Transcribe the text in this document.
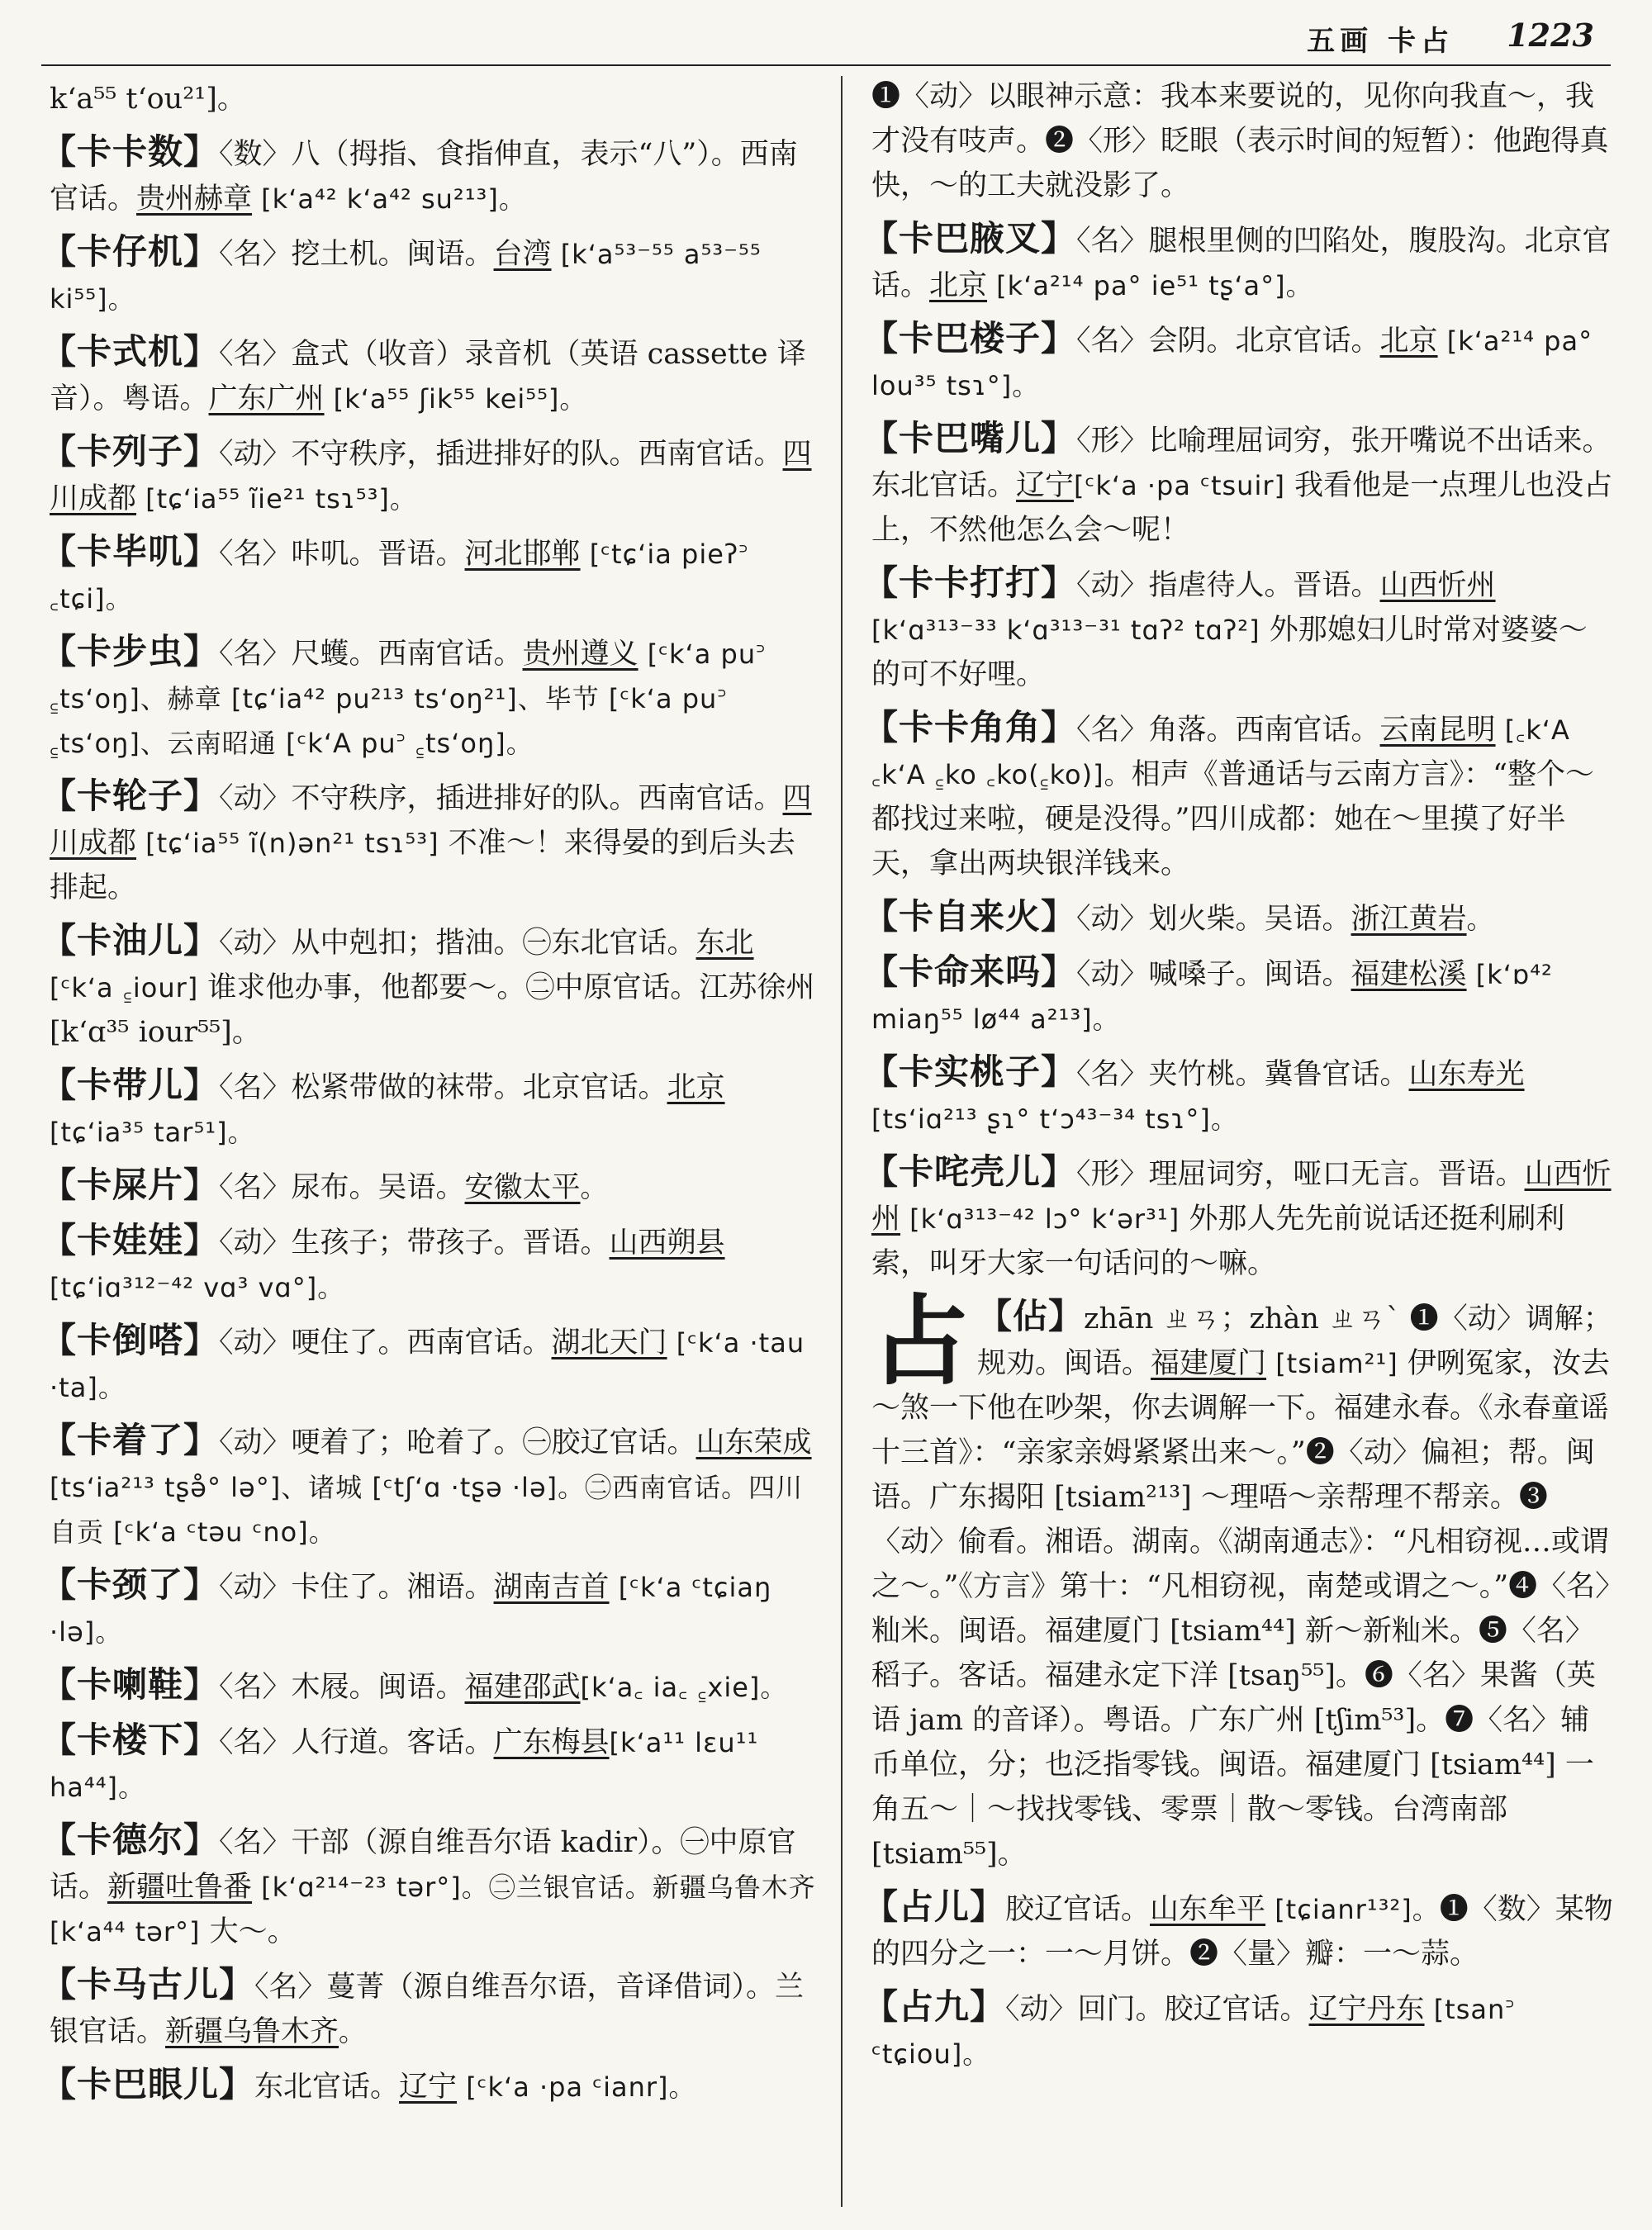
五画 卡占 1223
k‘a⁵⁵ t‘ou²¹]。
【卡卡数】〈数〉八（拇指、食指伸直，表示“八”）。西南官话。贵州赫章 [k‘a⁴² k‘a⁴² su²¹³]。
【卡仔机】〈名〉挖土机。闽语。台湾 [k‘a⁵³⁻⁵⁵ a⁵³⁻⁵⁵ ki⁵⁵]。
【卡式机】〈名〉盒式（收音）录音机（英语 cassette 译音）。粤语。广东广州 [k‘a⁵⁵ ʃik⁵⁵ kei⁵⁵]。
【卡列子】〈动〉不守秩序，插进排好的队。西南官话。四川成都 [tɕ‘ia⁵⁵ ĩie²¹ tsɿ⁵³]。
【卡毕叽】〈名〉咔叽。晋语。河北邯郸 [ᶜtɕ‘ia pieʔ꜄ ꜀tɕi]。
【卡步虫】〈名〉尺蠖。西南官话。贵州遵义 [ᶜk‘a pu꜄ ꜁ts‘oŋ]、赫章 [tɕ‘ia⁴² pu²¹³ ts‘oŋ²¹]、毕节 [ᶜk‘a pu꜄ ꜁ts‘oŋ]、云南昭通 [ᶜk‘A pu꜄ ꜁ts‘oŋ]。
【卡轮子】〈动〉不守秩序，插进排好的队。西南官话。四川成都 [tɕ‘ia⁵⁵ ĩ(n)ən²¹ tsɿ⁵³] 不准～！来得晏的到后头去排起。
【卡油儿】〈动〉从中剋扣；揩油。㊀东北官话。东北 [ᶜk‘a ꜁iour] 谁求他办事，他都要～。㊁中原官话。江苏徐州 [k‘ɑ³⁵ iour⁵⁵]。
【卡带儿】〈名〉松紧带做的袜带。北京官话。北京 [tɕ‘ia³⁵ tar⁵¹]。
【卡屎片】〈名〉尿布。吴语。安徽太平。
【卡娃娃】〈动〉生孩子；带孩子。晋语。山西朔县 [tɕ‘iɑ³¹²⁻⁴² vɑ³ vɑ°]。
【卡倒嗒】〈动〉哽住了。西南官话。湖北天门 [ᶜk‘a ·tau ·ta]。
【卡着了】〈动〉哽着了；呛着了。㊀胶辽官话。山东荣成 [ts‘ia²¹³ tʂə̊° lə°]、诸城 [ᶜtʃ‘ɑ ·tʂə ·lə]。㊁西南官话。四川自贡 [ᶜk‘a ᶜtəu ᶜno]。
【卡颈了】〈动〉卡住了。湘语。湖南吉首 [ᶜk‘a ᶜtɕiaŋ ·lə]。
【卡喇鞋】〈名〉木屐。闽语。福建邵武[k‘a꜀ ia꜀ ꜁xie]。
【卡楼下】〈名〉人行道。客话。广东梅县[k‘a¹¹ lɛu¹¹ ha⁴⁴]。
【卡德尔】〈名〉干部（源自维吾尔语 kadir）。㊀中原官话。新疆吐鲁番 [k‘ɑ²¹⁴⁻²³ tər°]。㊁兰银官话。新疆乌鲁木齐 [k‘a⁴⁴ tər°] 大～。
【卡马古儿】〈名〉蔓菁（源自维吾尔语，音译借词）。兰银官话。新疆乌鲁木齐。
【卡巴眼儿】东北官话。辽宁 [ᶜk‘a ·pa ᶜianr]。
❶〈动〉以眼神示意：我本来要说的，见你向我直～，我才没有吱声。❷〈形〉眨眼（表示时间的短暂）：他跑得真快，～的工夫就没影了。
【卡巴腋叉】〈名〉腿根里侧的凹陷处，腹股沟。北京官话。北京 [k‘a²¹⁴ pa° ie⁵¹ tʂ‘a°]。
【卡巴楼子】〈名〉会阴。北京官话。北京 [k‘a²¹⁴ pa° lou³⁵ tsɿ°]。
【卡巴嘴儿】〈形〉比喻理屈词穷，张开嘴说不出话来。东北官话。辽宁[ᶜk‘a ·pa ᶜtsuir] 我看他是一点理儿也没占上，不然他怎么会～呢！
【卡卡打打】〈动〉指虐待人。晋语。山西忻州[k‘ɑ³¹³⁻³³ k‘ɑ³¹³⁻³¹ tɑʔ² tɑʔ²] 外那媳妇儿时常对婆婆～的可不好哩。
【卡卡角角】〈名〉角落。西南官话。云南昆明 [꜀k‘A ꜀k‘A ꜁ko ꜀ko(꜁ko)]。相声《普通话与云南方言》：“整个～都找过来啦，硬是没得。”四川成都：她在～里摸了好半天，拿出两块银洋钱来。
【卡自来火】〈动〉划火柴。吴语。浙江黄岩。
【卡命来吗】〈动〉喊嗓子。闽语。福建松溪 [k‘ɒ⁴² miaŋ⁵⁵ lø⁴⁴ a²¹³]。
【卡实桃子】〈名〉夹竹桃。冀鲁官话。山东寿光 [ts‘iɑ²¹³ ʂɿ° t‘ɔ⁴³⁻³⁴ tsɿ°]。
【卡咤壳儿】〈形〉理屈词穷，哑口无言。晋语。山西忻州 [k‘ɑ³¹³⁻⁴² lɔ° k‘ər³¹] 外那人先先前说话还挺利刷利索，叫牙大家一句话问的～嘛。
占 【佔】zhān ㄓㄢ；zhàn ㄓㄢˋ ❶〈动〉调解；规劝。闽语。福建厦门 [tsiam²¹] 伊咧冤家，汝去～煞一下他在吵架，你去调解一下。福建永春。《永春童谣十三首》：“亲家亲姆紧紧出来～。”❷〈动〉偏袒；帮。闽语。广东揭阳 [tsiam²¹³] ～理唔～亲帮理不帮亲。❸〈动〉偷看。湘语。湖南。《湖南通志》：“凡相窃视…或谓之～。”《方言》第十：“凡相窃视，南楚或谓之～。”❹〈名〉籼米。闽语。福建厦门 [tsiam⁴⁴] 新～新籼米。❺〈名〉稻子。客话。福建永定下洋 [tsaŋ⁵⁵]。❻〈名〉果酱（英语 jam 的音译）。粤语。广东广州 [tʃim⁵³]。❼〈名〉辅币单位，分；也泛指零钱。闽语。福建厦门 [tsiam⁴⁴] 一角五～｜～找找零钱、零票｜散～零钱。台湾南部 [tsiam⁵⁵]。
【占儿】胶辽官话。山东牟平 [tɕianr¹³²]。❶〈数〉某物的四分之一：一～月饼。❷〈量〉瓣：一～蒜。
【占九】〈动〉回门。胶辽官话。辽宁丹东 [tsan꜄ ᶜtɕiou]。
